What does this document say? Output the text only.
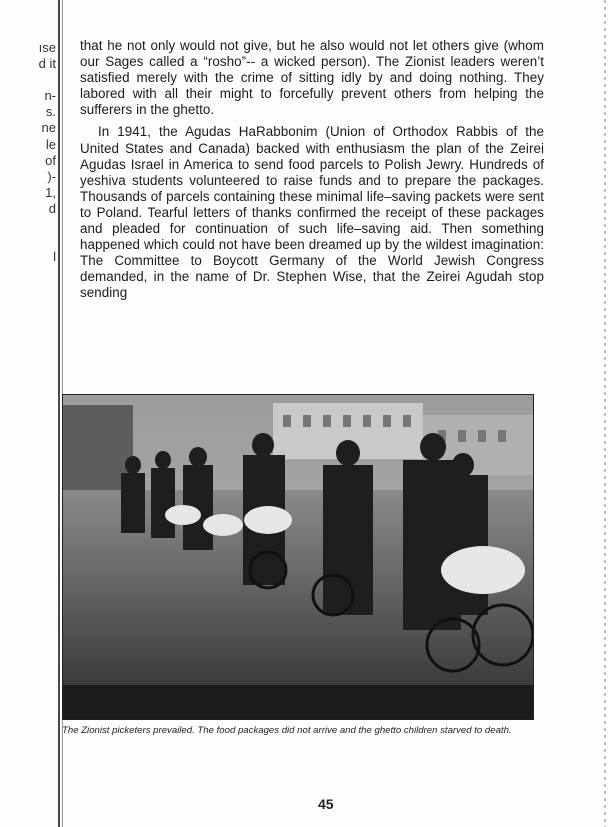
ıse
d it

n-
s.
ne
le
of
)-
1,
d

l

that he not only would not give, but he also would not let others give (whom our Sages called a “rosho”-- a wicked person). The Zionist leaders weren’t satisfied merely with the crime of sitting idly by and doing nothing. They labored with all their might to forcefully prevent others from helping the sufferers in the ghetto.

In 1941, the Agudas HaRabbonim (Union of Orthodox Rabbis of the United States and Canada) backed with enthusiasm the plan of the Zeirei Agudas Israel in America to send food parcels to Polish Jewry. Hundreds of yeshiva students volunteered to raise funds and to prepare the packages. Thousands of parcels containing these minimal life–saving packets were sent to Poland. Tearful letters of thanks confirmed the receipt of these packages and pleaded for continuation of such life–saving aid. Then something happened which could not have been dreamed up by the wildest imagination: The Committee to Boycott Germany of the World Jewish Congress demanded, in the name of Dr. Stephen Wise, that the Zeirei Agudah stop sending

The Zionist picketers prevailed. The food packages did not arrive and the ghetto children starved to death.
45
